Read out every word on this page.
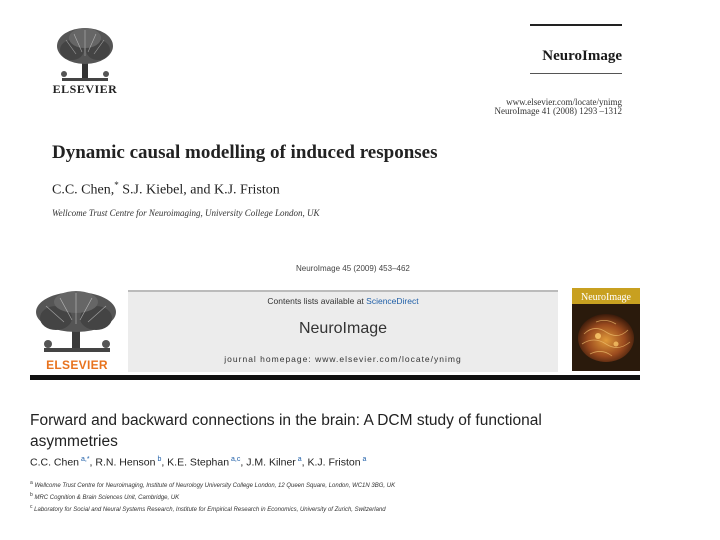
ELSEVIER
NeuroImage
www.elsevier.com/locate/ynimg
NeuroImage 41 (2008) 1293 –1312
Dynamic causal modelling of induced responses
C.C. Chen,* S.J. Kiebel, and K.J. Friston
Wellcome Trust Centre for Neuroimaging, University College London, UK
NeuroImage 45 (2009) 453–462
ELSEVIER
Contents lists available at ScienceDirect
NeuroImage
journal homepage: www.elsevier.com/locate/ynimg
NeuroImage
Forward and backward connections in the brain: A DCM study of functional asymmetries
C.C. Chen $^{a,*}$, R.N. Henson $^b$, K.E. Stephan $^{a,c}$, J.M. Kilner $^a$, K.J. Friston $^a$
$^a$ Wellcome Trust Centre for Neuroimaging, Institute of Neurology University College London, 12 Queen Square, London, WC1N 3BG, UK
$^b$ MRC Cognition & Brain Sciences Unit, Cambridge, UK
$^c$ Laboratory for Social and Neural Systems Research, Institute for Empirical Research in Economics, University of Zurich, Switzerland
